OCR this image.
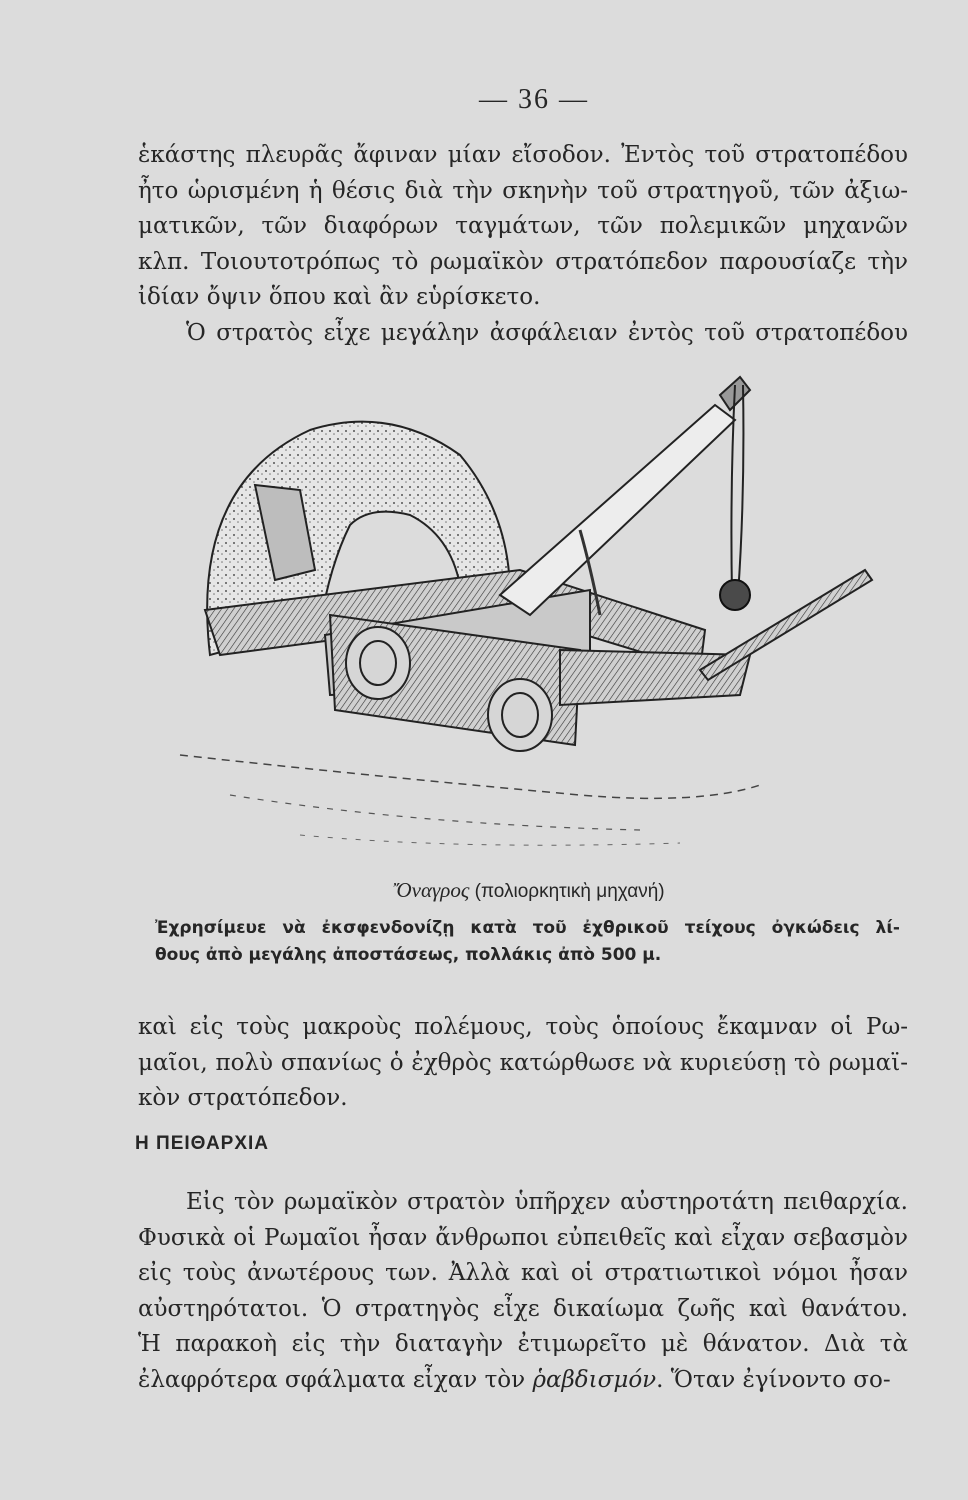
— 36 —
ἑκάστης πλευρᾶς ἄφιναν μίαν εἴσοδον. Ἐντὸς τοῦ στρατοπέδου
ἦτο ὡρισμένη ἡ θέσις διὰ τὴν σκηνὴν τοῦ στρατηγοῦ, τῶν ἀξιω-
ματικῶν, τῶν διαφόρων ταγμάτων, τῶν πολεμικῶν μηχανῶν
κλπ. Τοιουτοτρόπως τὸ ρωμαϊκὸν στρατόπεδον παρουσίαζε τὴν
ἰδίαν ὄψιν ὅπου καὶ ἂν εὑρίσκετο.
Ὁ στρατὸς εἶχε μεγάλην ἀσφάλειαν ἐντὸς τοῦ στρατοπέδου
Ὄναγρος (πολιορκητικὴ μηχανή)
Ἐχρησίμευε νὰ ἐκσφενδονίζῃ κατὰ τοῦ ἐχθρικοῦ τείχους ὀγκώδεις λί-
θους ἀπὸ μεγάλης ἀποστάσεως, πολλάκις ἀπὸ 500 μ.
καὶ εἰς τοὺς μακροὺς πολέμους, τοὺς ὁποίους ἔκαμναν οἱ Ρω-
μαῖοι, πολὺ σπανίως ὁ ἐχθρὸς κατώρθωσε νὰ κυριεύσῃ τὸ ρωμαϊ-
κὸν στρατόπεδον.
Η ΠΕΙΘΑΡΧΙΑ
Εἰς τὸν ρωμαϊκὸν στρατὸν ὑπῆρχεν αὐστηροτάτη πειθαρχία.
Φυσικὰ οἱ Ρωμαῖοι ἦσαν ἄνθρωποι εὐπειθεῖς καὶ εἶχαν σεβασμὸν
εἰς τοὺς ἀνωτέρους των. Ἀλλὰ καὶ οἱ στρατιωτικοὶ νόμοι ἦσαν
αὐστηρότατοι. Ὁ στρατηγὸς εἶχε δικαίωμα ζωῆς καὶ θανάτου.
Ἡ παρακοὴ εἰς τὴν διαταγὴν ἐτιμωρεῖτο μὲ θάνατον. Διὰ τὰ
ἐλαφρότερα σφάλματα εἶχαν τὸν ῥαβδισμόν. Ὅταν ἐγίνοντο σο-
